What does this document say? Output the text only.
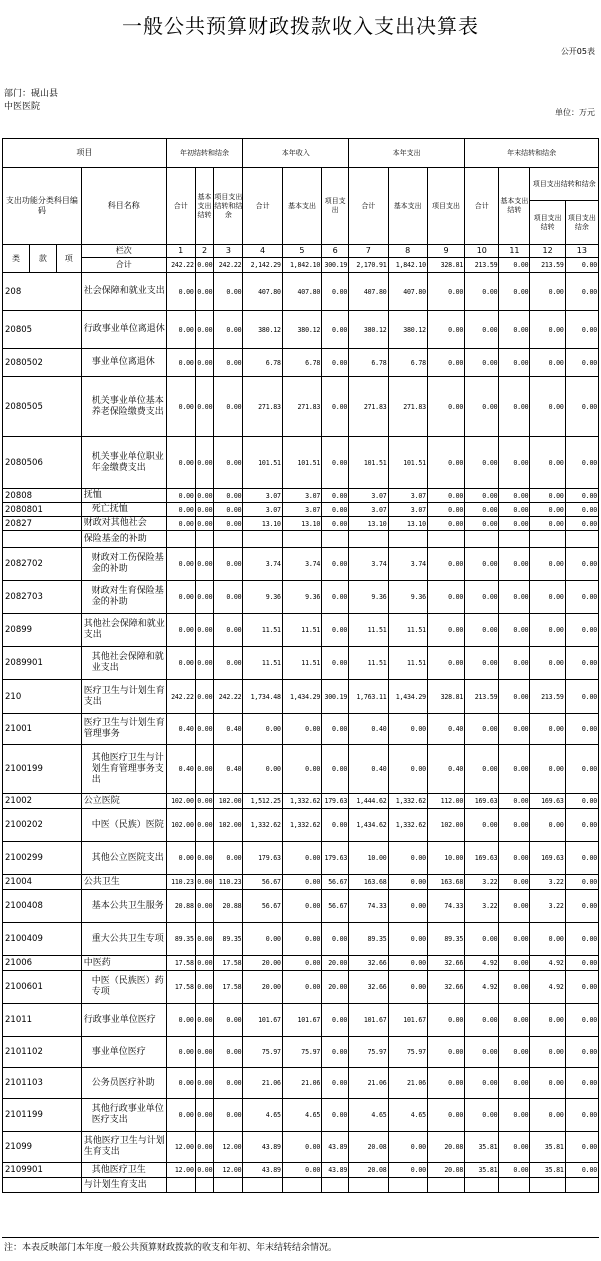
一般公共预算财政拨款收入支出决算表
公开05表
部门：砚山县中医医院
单位：万元
项目				年初结转和结余			本年收入			本年支出			年末结转和结余			
支出功能分类科目编码			科目名称	合计	基本支出结转	项目支出结转和结余	合计	基本支出	项目支出	合计	基本支出	项目支出	合计	基本支出结转	项目支出结转和结余	
															项目支出结转	项目支出结余
类	款	项	栏次	1	2	3	4	5	6	7	8	9	10	11	12	13
			合计	242.22	0.00	242.22	2,142.29	1,842.10	300.19	2,170.91	1,842.10	328.81	213.59	0.00	213.59	0.00
208			社会保障和就业支出	0.00	0.00	0.00	407.80	407.80	0.00	407.80	407.80	0.00	0.00	0.00	0.00	0.00
20805			行政事业单位离退休	0.00	0.00	0.00	380.12	380.12	0.00	380.12	380.12	0.00	0.00	0.00	0.00	0.00
2080502			事业单位离退休	0.00	0.00	0.00	6.78	6.78	0.00	6.78	6.78	0.00	0.00	0.00	0.00	0.00
2080505			机关事业单位基本养老保险缴费支出	0.00	0.00	0.00	271.83	271.83	0.00	271.83	271.83	0.00	0.00	0.00	0.00	0.00
2080506			机关事业单位职业年金缴费支出	0.00	0.00	0.00	101.51	101.51	0.00	101.51	101.51	0.00	0.00	0.00	0.00	0.00
20808			抚恤	0.00	0.00	0.00	3.07	3.07	0.00	3.07	3.07	0.00	0.00	0.00	0.00	0.00
2080801			死亡抚恤	0.00	0.00	0.00	3.07	3.07	0.00	3.07	3.07	0.00	0.00	0.00	0.00	0.00
20827			财政对其他社会	0.00	0.00	0.00	13.10	13.10	0.00	13.10	13.10	0.00	0.00	0.00	0.00	0.00
			保险基金的补助													
2082702			财政对工伤保险基金的补助	0.00	0.00	0.00	3.74	3.74	0.00	3.74	3.74	0.00	0.00	0.00	0.00	0.00
2082703			财政对生育保险基金的补助	0.00	0.00	0.00	9.36	9.36	0.00	9.36	9.36	0.00	0.00	0.00	0.00	0.00
20899			其他社会保障和就业支出	0.00	0.00	0.00	11.51	11.51	0.00	11.51	11.51	0.00	0.00	0.00	0.00	0.00
2089901			其他社会保障和就业支出	0.00	0.00	0.00	11.51	11.51	0.00	11.51	11.51	0.00	0.00	0.00	0.00	0.00
210			医疗卫生与计划生育支出	242.22	0.00	242.22	1,734.48	1,434.29	300.19	1,763.11	1,434.29	328.81	213.59	0.00	213.59	0.00
21001			医疗卫生与计划生育管理事务	0.40	0.00	0.40	0.00	0.00	0.00	0.40	0.00	0.40	0.00	0.00	0.00	0.00
2100199			其他医疗卫生与计划生育管理事务支出	0.40	0.00	0.40	0.00	0.00	0.00	0.40	0.00	0.40	0.00	0.00	0.00	0.00
21002			公立医院	102.00	0.00	102.00	1,512.25	1,332.62	179.63	1,444.62	1,332.62	112.00	169.63	0.00	169.63	0.00
2100202			中医（民族）医院	102.00	0.00	102.00	1,332.62	1,332.62	0.00	1,434.62	1,332.62	102.00	0.00	0.00	0.00	0.00
2100299			其他公立医院支出	0.00	0.00	0.00	179.63	0.00	179.63	10.00	0.00	10.00	169.63	0.00	169.63	0.00
21004			公共卫生	110.23	0.00	110.23	56.67	0.00	56.67	163.68	0.00	163.68	3.22	0.00	3.22	0.00
2100408			基本公共卫生服务	20.88	0.00	20.88	56.67	0.00	56.67	74.33	0.00	74.33	3.22	0.00	3.22	0.00
2100409			重大公共卫生专项	89.35	0.00	89.35	0.00	0.00	0.00	89.35	0.00	89.35	0.00	0.00	0.00	0.00
21006			中医药	17.58	0.00	17.58	20.00	0.00	20.00	32.66	0.00	32.66	4.92	0.00	4.92	0.00
2100601			中医（民族医）药专项	17.58	0.00	17.58	20.00	0.00	20.00	32.66	0.00	32.66	4.92	0.00	4.92	0.00
21011			行政事业单位医疗	0.00	0.00	0.00	101.67	101.67	0.00	101.67	101.67	0.00	0.00	0.00	0.00	0.00
2101102			事业单位医疗	0.00	0.00	0.00	75.97	75.97	0.00	75.97	75.97	0.00	0.00	0.00	0.00	0.00
2101103			公务员医疗补助	0.00	0.00	0.00	21.06	21.06	0.00	21.06	21.06	0.00	0.00	0.00	0.00	0.00
2101199			其他行政事业单位医疗支出	0.00	0.00	0.00	4.65	4.65	0.00	4.65	4.65	0.00	0.00	0.00	0.00	0.00
21099			其他医疗卫生与计划生育支出	12.00	0.00	12.00	43.89	0.00	43.89	20.08	0.00	20.08	35.81	0.00	35.81	0.00
2109901			其他医疗卫生	12.00	0.00	12.00	43.89	0.00	43.89	20.08	0.00	20.08	35.81	0.00	35.81	0.00
			与计划生育支出													
注：本表反映部门本年度一般公共预算财政拨款的收支和年初、年末结转结余情况。
